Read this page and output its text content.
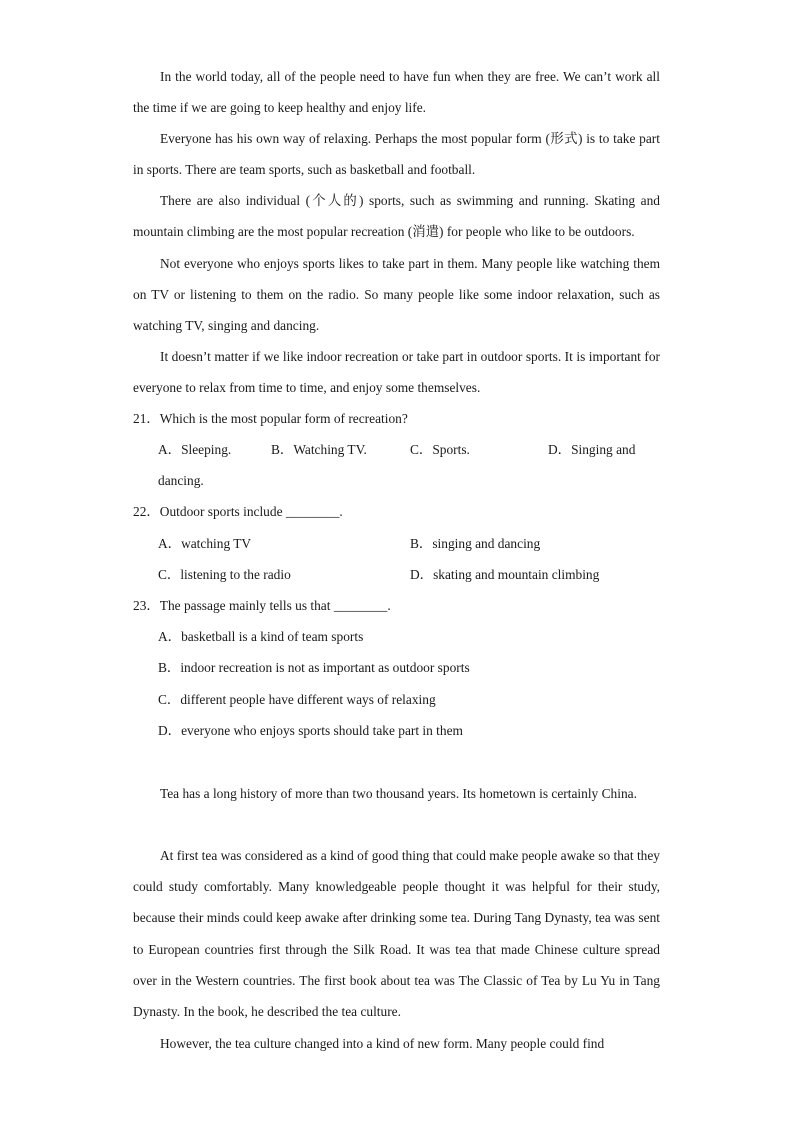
In the world today, all of the people need to have fun when they are free. We can’t work all the time if we are going to keep healthy and enjoy life.

Everyone has his own way of relaxing. Perhaps the most popular form (形式) is to take part in sports. There are team sports, such as basketball and football.

There are also individual (个人的) sports, such as swimming and running. Skating and mountain climbing are the most popular recreation (消遣) for people who like to be outdoors.

Not everyone who enjoys sports likes to take part in them. Many people like watching them on TV or listening to them on the radio. So many people like some indoor relaxation, such as watching TV, singing and dancing.

It doesn’t matter if we like indoor recreation or take part in outdoor sports. It is important for everyone to relax from time to time, and enjoy some themselves.

21．Which is the most popular form of recreation?
A．Sleeping.	B．Watching TV.	C．Sports.	D．Singing and
dancing.
22．Outdoor sports include ________.
A．watching TV	B．singing and dancing
C．listening to the radio	D．skating and mountain climbing
23．The passage mainly tells us that ________.
A．basketball is a kind of team sports
B．indoor recreation is not as important as outdoor sports
C．different people have different ways of relaxing
D．everyone who enjoys sports should take part in them

Tea has a long history of more than two thousand years. Its hometown is certainly China.

At first tea was considered as a kind of good thing that could make people awake so that they could study comfortably. Many knowledgeable people thought it was helpful for their study, because their minds could keep awake after drinking some tea. During Tang Dynasty, tea was sent to European countries first through the Silk Road. It was tea that made Chinese culture spread over in the Western countries. The first book about tea was The Classic of Tea by Lu Yu in Tang Dynasty. In the book, he described the tea culture.

However, the tea culture changed into a kind of new form. Many people could find
